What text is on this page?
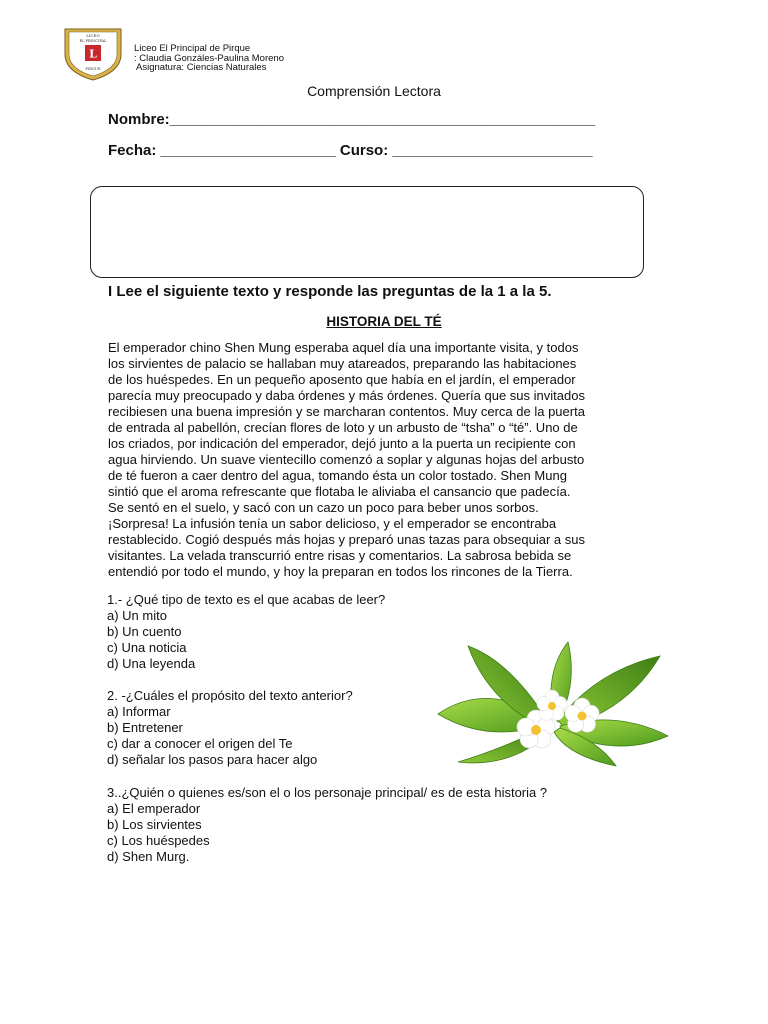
LICEO
EL PRINCIPAL
L
PIRQUE
Liceo El Principal de Pirque
: Claudia Gonzáles-Paulina Moreno
Asignatura: Ciencias Naturales
Comprensión Lectora
Nombre:___________________________________________________
Fecha: _____________________ Curso: ________________________
I Lee el siguiente texto y responde las preguntas de la 1 a la 5.
HISTORIA DEL TÉ
El emperador chino Shen Mung esperaba aquel día una importante visita, y todos
los sirvientes de palacio se hallaban muy atareados, preparando las habitaciones
de los huéspedes. En un pequeño aposento que había en el jardín, el emperador
parecía muy preocupado y daba órdenes y más órdenes. Quería que sus invitados
recibiesen una buena impresión y se marcharan contentos. Muy cerca de la puerta
de entrada al pabellón, crecían flores de loto y un arbusto de “tsha” o “té”. Uno de
los criados, por indicación del emperador, dejó junto a la puerta un recipiente con
agua hirviendo. Un suave vientecillo comenzó a soplar y algunas hojas del arbusto
de té fueron a caer dentro del agua, tomando ésta un color tostado. Shen Mung
sintió que el aroma refrescante que flotaba le aliviaba el cansancio que padecía.
Se sentó en el suelo, y sacó con un cazo un poco para beber unos sorbos.
¡Sorpresa! La infusión tenía un sabor delicioso, y el emperador se encontraba
restablecido. Cogió después más hojas y preparó unas tazas para obsequiar a sus
visitantes. La velada transcurrió entre risas y comentarios. La sabrosa bebida se
entendió por todo el mundo, y hoy la preparan en todos los rincones de la Tierra.
1.- ¿Qué tipo de texto es el que acabas de leer?
a) Un mito
b) Un cuento
c) Una noticia
d) Una leyenda
2. -¿Cuáles el propósito del texto anterior?
a) Informar
b) Entretener
c) dar a conocer el origen del Te
d) señalar los pasos para hacer algo
3..¿Quién o quienes es/son el o los personaje principal/ es de esta historia ?
a) El emperador
b) Los sirvientes
c) Los huéspedes
d) Shen Murg.
